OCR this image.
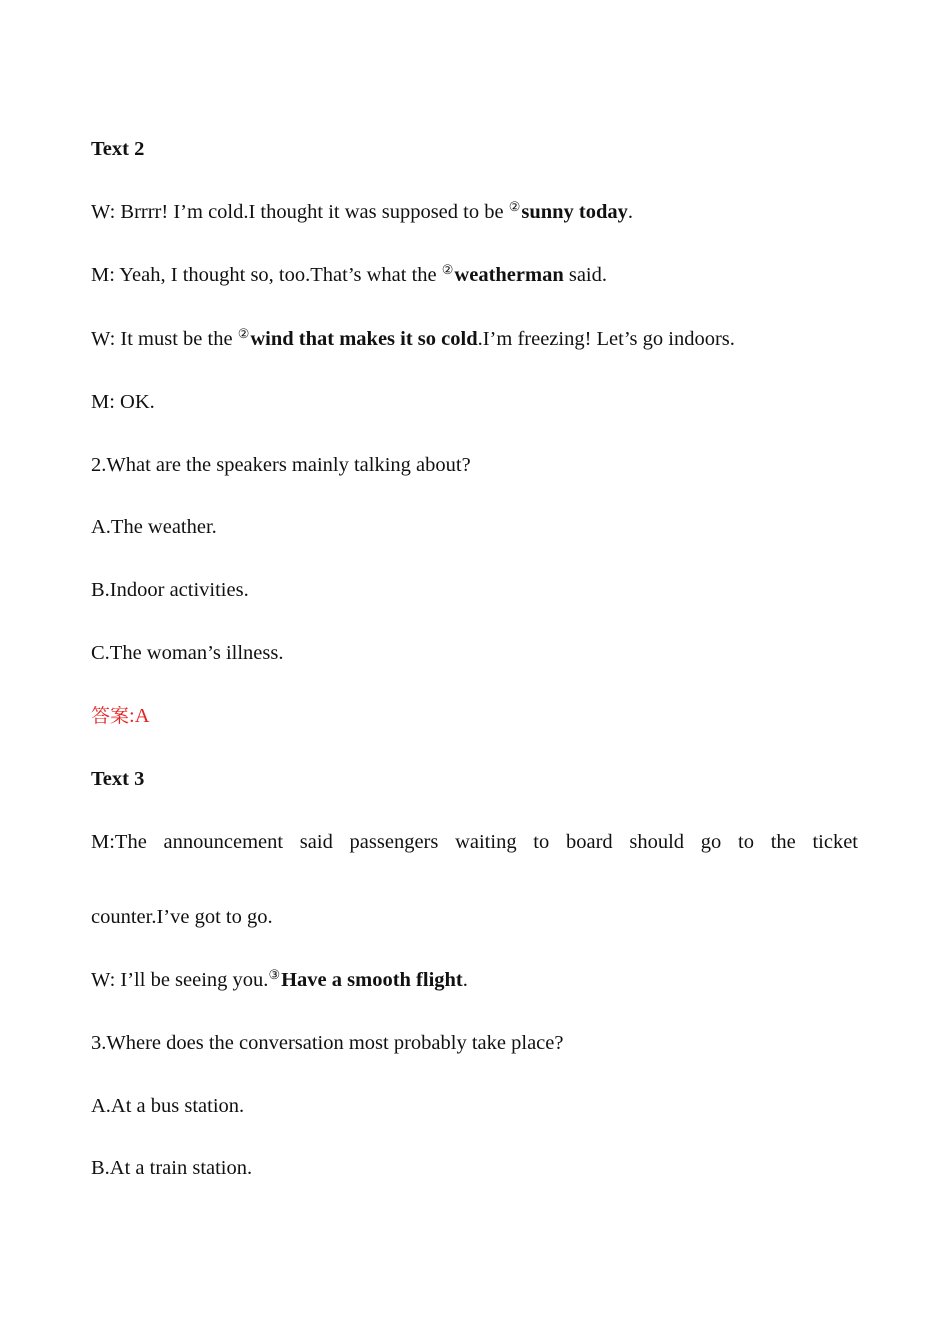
Text 2

W: Brrrr! I’m cold.I thought it was supposed to be ②sunny today.

M: Yeah, I thought so, too.That’s what the ②weatherman said.

W: It must be the ②wind that makes it so cold.I’m freezing! Let’s go indoors.

M: OK.

2.What are the speakers mainly talking about?

A.The weather.

B.Indoor activities.

C.The woman’s illness.

答案:A

Text 3

M:The announcement said passengers waiting to board should go to the ticket

counter.I’ve got to go.

W: I’ll be seeing you.③Have a smooth flight.

3.Where does the conversation most probably take place?

A.At a bus station.

B.At a train station.
